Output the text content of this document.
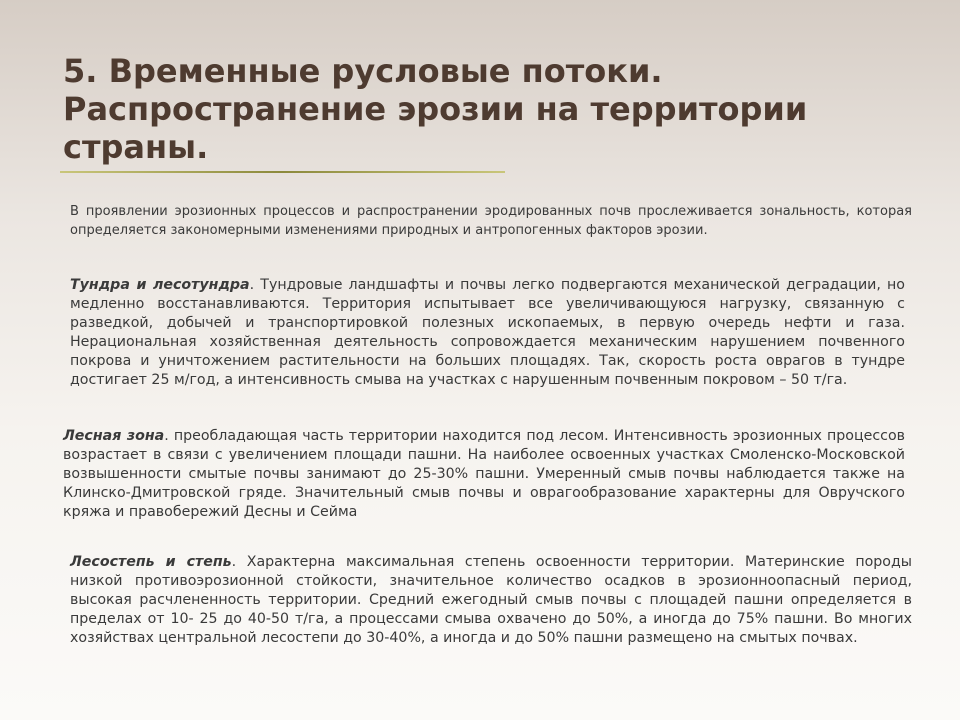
5. Временные русловые потоки.
Распространение эрозии на территории
страны.

В проявлении эрозионных процессов и распространении эродированных почв прослеживается зональность, которая определяется закономерными изменениями природных и антропогенных факторов эрозии.

Тундра и лесотундра. Тундровые ландшафты и почвы легко подвергаются механической деградации, но медленно восстанавливаются. Территория испытывает все увеличивающуюся нагрузку, связанную с разведкой, добычей и транспортировкой полезных ископаемых, в первую очередь нефти и газа. Нерациональная хозяйственная деятельность сопровождается механическим нарушением почвенного покрова и уничтожением растительности на больших площадях. Так, скорость роста оврагов в тундре достигает 25 м/год, а интенсивность смыва на участках с нарушенным почвенным покровом – 50 т/га.

Лесная зона. преобладающая часть территории находится под лесом. Интенсивность эрозионных процессов возрастает в связи с увеличением площади пашни. На наиболее освоенных участках Смоленско-Московской возвышенности смытые почвы занимают до 25-30% пашни. Умеренный смыв почвы наблюдается также на Клинско-Дмитровской гряде. Значительный смыв почвы и оврагообразование характерны для Овручского кряжа и правобережий Десны и Сейма

Лесостепь и степь. Характерна максимальная степень освоенности территории. Материнские породы низкой противоэрозионной стойкости, значительное количество осадков в эрозионноопасный период, высокая расчлененность территории. Средний ежегодный смыв почвы с площадей пашни определяется в пределах от 10- 25 до 40-50 т/га, а процессами смыва охвачено до 50%, а иногда до 75% пашни. Во многих хозяйствах центральной лесостепи до 30-40%, а иногда и до 50% пашни размещено на смытых почвах.
